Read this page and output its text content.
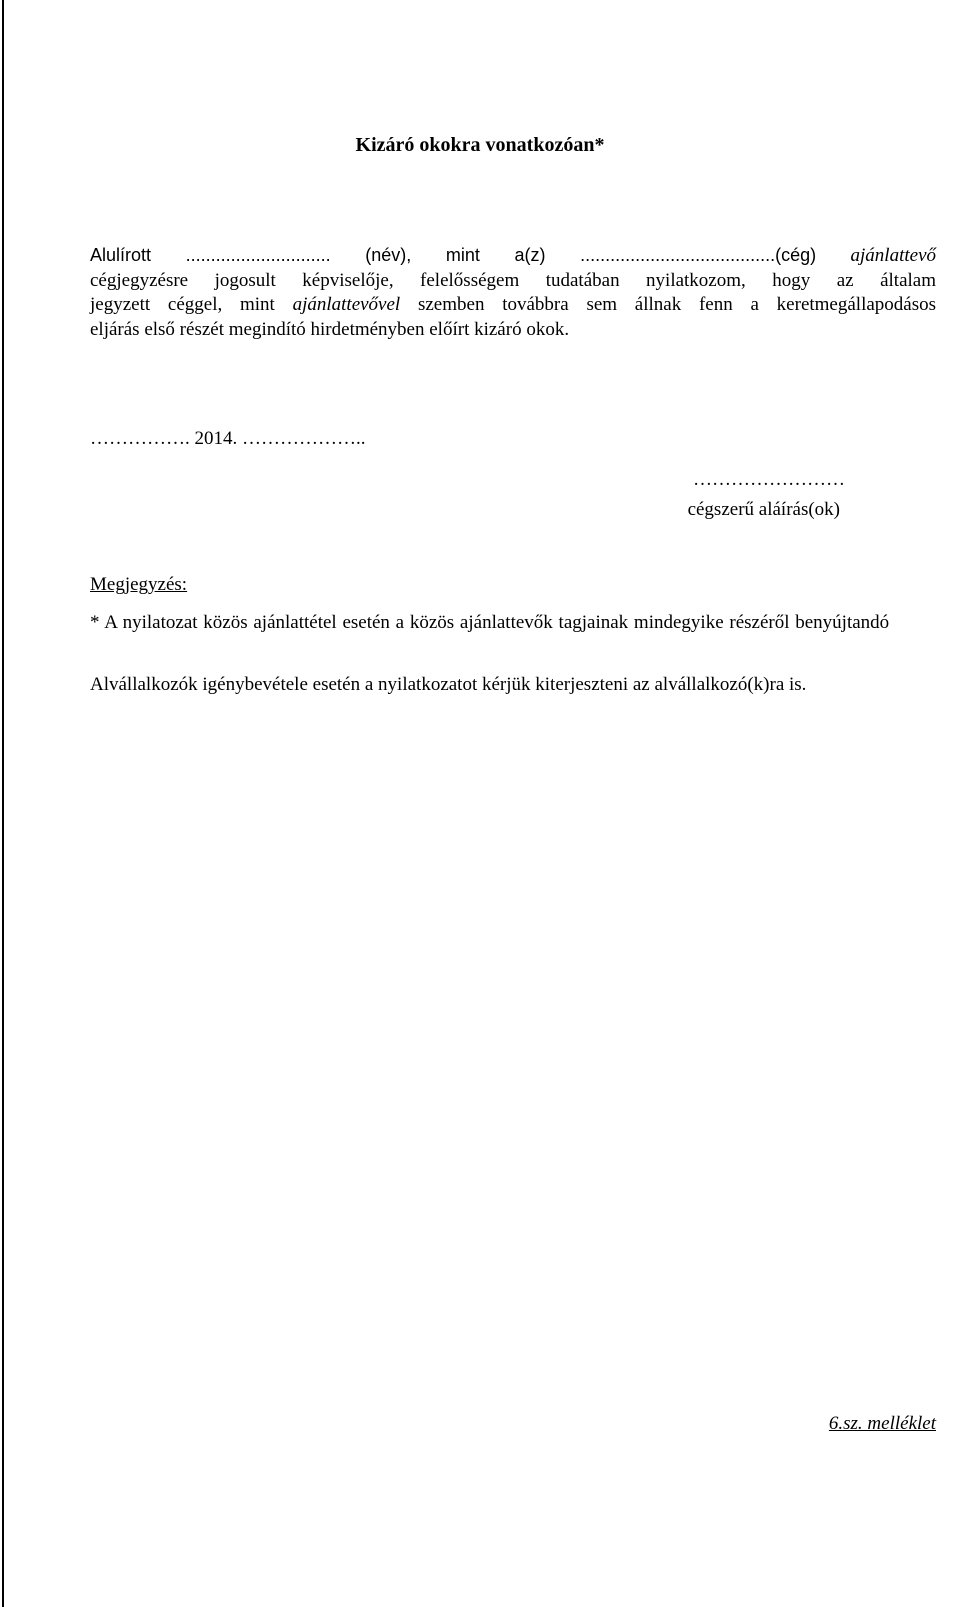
Kizáró okokra vonatkozóan*
Alulírott ............................. (név), mint a(z) .......................................(cég) ajánlattevő
cégjegyzésre jogosult képviselője, felelősségem tudatában nyilatkozom, hogy az általam
jegyzett céggel, mint ajánlattevővel szemben továbbra sem állnak fenn a keretmegállapodásos
eljárás első részét megindító hirdetményben előírt kizáró okok.
……………. 2014. ………………..
……………………
cégszerű aláírás(ok)
Megjegyzés:
* A nyilatozat közös ajánlattétel esetén a közös ajánlattevők tagjainak mindegyike részéről benyújtandó
Alvállalkozók igénybevétele esetén a nyilatkozatot kérjük kiterjeszteni az alvállalkozó(k)ra is.
6.sz. melléklet
